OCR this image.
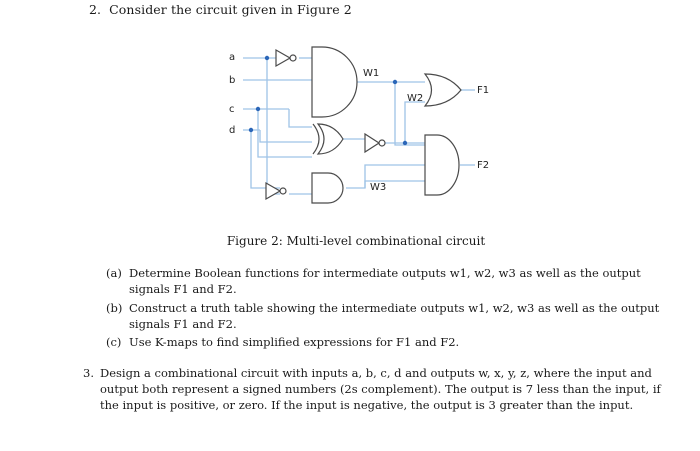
2. Consider the circuit given in Figure 2
a
b
c
d
W1
W2
W3
F1
F2
Figure 2: Multi-level combinational circuit
(a) Determine Boolean functions for intermediate outputs w1, w2, w3 as well as the output signals F1 and F2.
(b) Construct a truth table showing the intermediate outputs w1, w2, w3 as well as the output signals F1 and F2.
(c) Use K-maps to find simplified expressions for F1 and F2.
3. Design a combinational circuit with inputs a, b, c, d and outputs w, x, y, z, where the input and output both represent a signed numbers (2s complement). The output is 7 less than the input, if the input is positive, or zero. If the input is negative, the output is 3 greater than the input.
